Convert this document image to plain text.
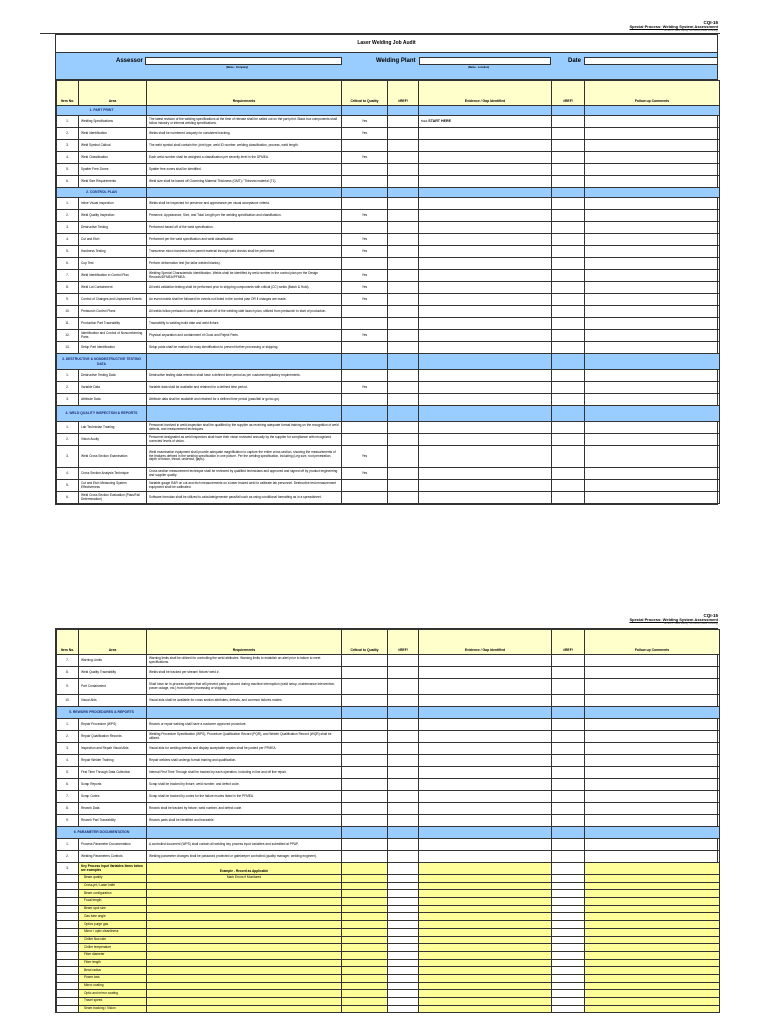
CQI-15
Special Process: Welding System Assessment
Annex L: Weld Rating: Job Audit (Laser Welding)
Laser Welding Job Audit
Assessor
(Name - Company)
Welding Plant
(Name - Location)
Date
Item No.	Area	Requirements	Critical to Quality	#REF!	Evidence / Gap Identified	#REF!	Follow up Comments
1. PART PRINT							
1.	Welding Specifications	The latest revision of the welding specifications at the time of release shall be called out on the part print. Black box components shall follow industry or internal welding specifications.	Yes		<== START HERE		
2.	Weld Identification	Welds shall be numbered uniquely for consistent tracking.	Yes				
3.	Weld Symbol Callout	The weld symbol shall contain the: joint type, weld ID number, welding classification, process, weld length.					
4.	Weld Classification	Each weld number shall be assigned a classification per severity level in the DFMEA.	Yes				
5.	Spatter Free Zones	Spatter free zones shall be identified.					
6.	Weld Size Requirements	Weld size shall be based off Governing Material Thickness (GMT) / Thinnest material (T1).					
2. CONTROL PLAN							
1.	Inline Visual Inspection	Welds shall be inspected for presence and appearance per visual acceptance criteria.					
2.	Weld Quality Inspection	Presence, Appearance, Size, and Total Length per the welding specification and classification.	Yes				
3.	Destructive Testing	Performed based off of the weld specification.					
4.	Cut and Etch	Performed per the weld specification and weld classification.	Yes				
5.	Hardness Testing	Transverse micro hardness from parent material through weld checks shall be performed.	Yes				
6.	Cup Test	Perform deformation test (for tailor welded blanks).					
7.	Weld Identification in Control Plan	Welding Special Characteristic Identification. Welds shall be identified by weld number in the control plan per the Design Records/DFMEA/PFMEA.	Yes				
8.	Weld Lot Containment	All weld validation testing shall be performed prior to shipping components with critical (CC) welds (Batch & Hold).	Yes				
9.	Control of Changes and Unplanned Events	An event matrix shall be followed for events not listed in the control plan OR if changes are made.	Yes				
10.	Prelaunch Control Plans	All welds follow prelaunch control plan based off of the welding safe launch plan, utilized from prelaunch to start of production.					
11.	Production Part Traceability	Traceability to welding build date and weld fixture.					
12.	Identification and Control of Nonconforming Parts	Physical separation and containment of Good and Reject Parts.	Yes				
13.	Setup Part Identification	Setup parts shall be marked for easy identification to prevent further processing or shipping.					
3. DESTRUCTIVE & NONDESTRUCTIVE TESTING DATA							
1.	Destructive Testing Data	Destructive testing data retention shall have a defined time period as per customer/regulatory requirements.					
2.	Variable Data	Variable data shall be available and retained for a defined time period.	Yes				
3.	Attribute Data	Attribute data shall be available and retained for a defined time period (pass/fail or go/no-go).					
4. WELD QUALITY INSPECTION & REPORTS							
1.	Lab Technician Training	Personnel involved in weld inspection shall be qualified by the supplier as receiving adequate formal training on the recognition of weld defects, and measurement techniques.					
2.	Vision Acuity	Personnel designated as weld inspectors shall have their vision reviewed annually by the supplier for compliance with recognized corrected levels of vision.					
3.	Weld Cross Section Examination	Weld examination equipment shall provide adequate magnification to capture the entire cross section, showing the measurements of the features defined in the welding specification in one picture. Per the welding specification, including (Leg size, root penetration, depth of fusion, throat, undercut, gaps).	Yes				
4.	Cross Section Analysis Technique	Cross section measurement technique shall be reviewed by qualified technicians and approved and signed off by product engineering and supplier quality.	Yes				
5.	Cut and Etch Measuring System Effectiveness	Variable gauge R&R on cut and etch measurements on a laser brazed weld to calibrate lab personnel. Destructive test measurement equipment shall be calibrated.					
6.	Weld Cross Section Evaluation (Pass/Fail Determination)	Software formulas shall be utilized to calculate/generate pass/fail such as using conditional formatting as in a spreadsheet.					
CQI-15
Special Process: Welding System Assessment
Annex L: Weld Rating: Job Audit (Laser Welding)
Item No.	Area	Requirements	Critical to Quality	#REF!	Evidence / Gap Identified	#REF!	Follow up Comments
7.	Warning Limits	Warning limits shall be utilized for controlling the weld attributes. Warning limits to establish an alert prior to failure to meet specifications.					
8.	Weld Quality Traceability	Welds shall be tracked per stream/ fixture/ weld #.					
9.	Part Containment	Shall have an in-process system that will prevent parts produced during machine interruption (weld setup, maintenance intervention, power outage, etc.) from further processing or shipping.					
10.	Visual Aids	Visual aids shall be available for cross section attributes, defects, and common failures modes.					
5. REWORK PROCEDURES & REPORTS							
1.	Repair Procedure (WPS)	Rework or repair welding shall have a customer approved procedure.					
2.	Repair Qualification Records	Welding Procedure Specification (WPS), Procedure Qualification Record (PQR), and Welder Qualification Record (WQR) shall be utilized.					
3.	Inspection and Repair Visual Aids	Visual aids for welding defects and display acceptable repairs shall be posted per PFMEA.					
4.	Repair Welder Training	Repair welders shall undergo formal training and qualification.					
5.	First Time Through Data Collection	Internal First Time Through shall be tracked by each operation. Including in line and off line repair.					
6.	Scrap Reports	Scrap shall be tracked by fixture, weld number, and defect code.					
7.	Scrap Codes	Scrap shall be tracked by codes for the failure modes listed in the PFMEA.					
8.	Rework Data	Rework shall be tracked by fixture, weld number, and defect code.					
9.	Rework Part Traceability	Rework parts shall be identified and traceable.					
6. PARAMETER DOCUMENTATION							
1.	Process Parameter Documentation	A controlled document (WPS) shall contain all welding key process input variables and submitted at PPAP.					
2.	Welding Parameters Controls	Welding parameter changes shall be password protected or gatekeeper controlled (quality manager, welding engineer).					
3.	Key Process Input Variables Items below are examples	Example - Record as Applicable					
	Beam quality	Mark Errors if Monitored					
	Cross-jet / Laser knife						
	Beam configuration						
	Focal length						
	Beam spot size						
	Gas tube angle						
	Optics purge gas						
	Mirror / optic cleanliness						
	Chiller flow rate						
	Chiller temperature						
	Fiber diameter						
	Fiber length						
	Bend radius						
	Power loss						
	Mirror coating						
	Optic and mirror coating						
	Travel speed						
	Seam tracking / Vision						
